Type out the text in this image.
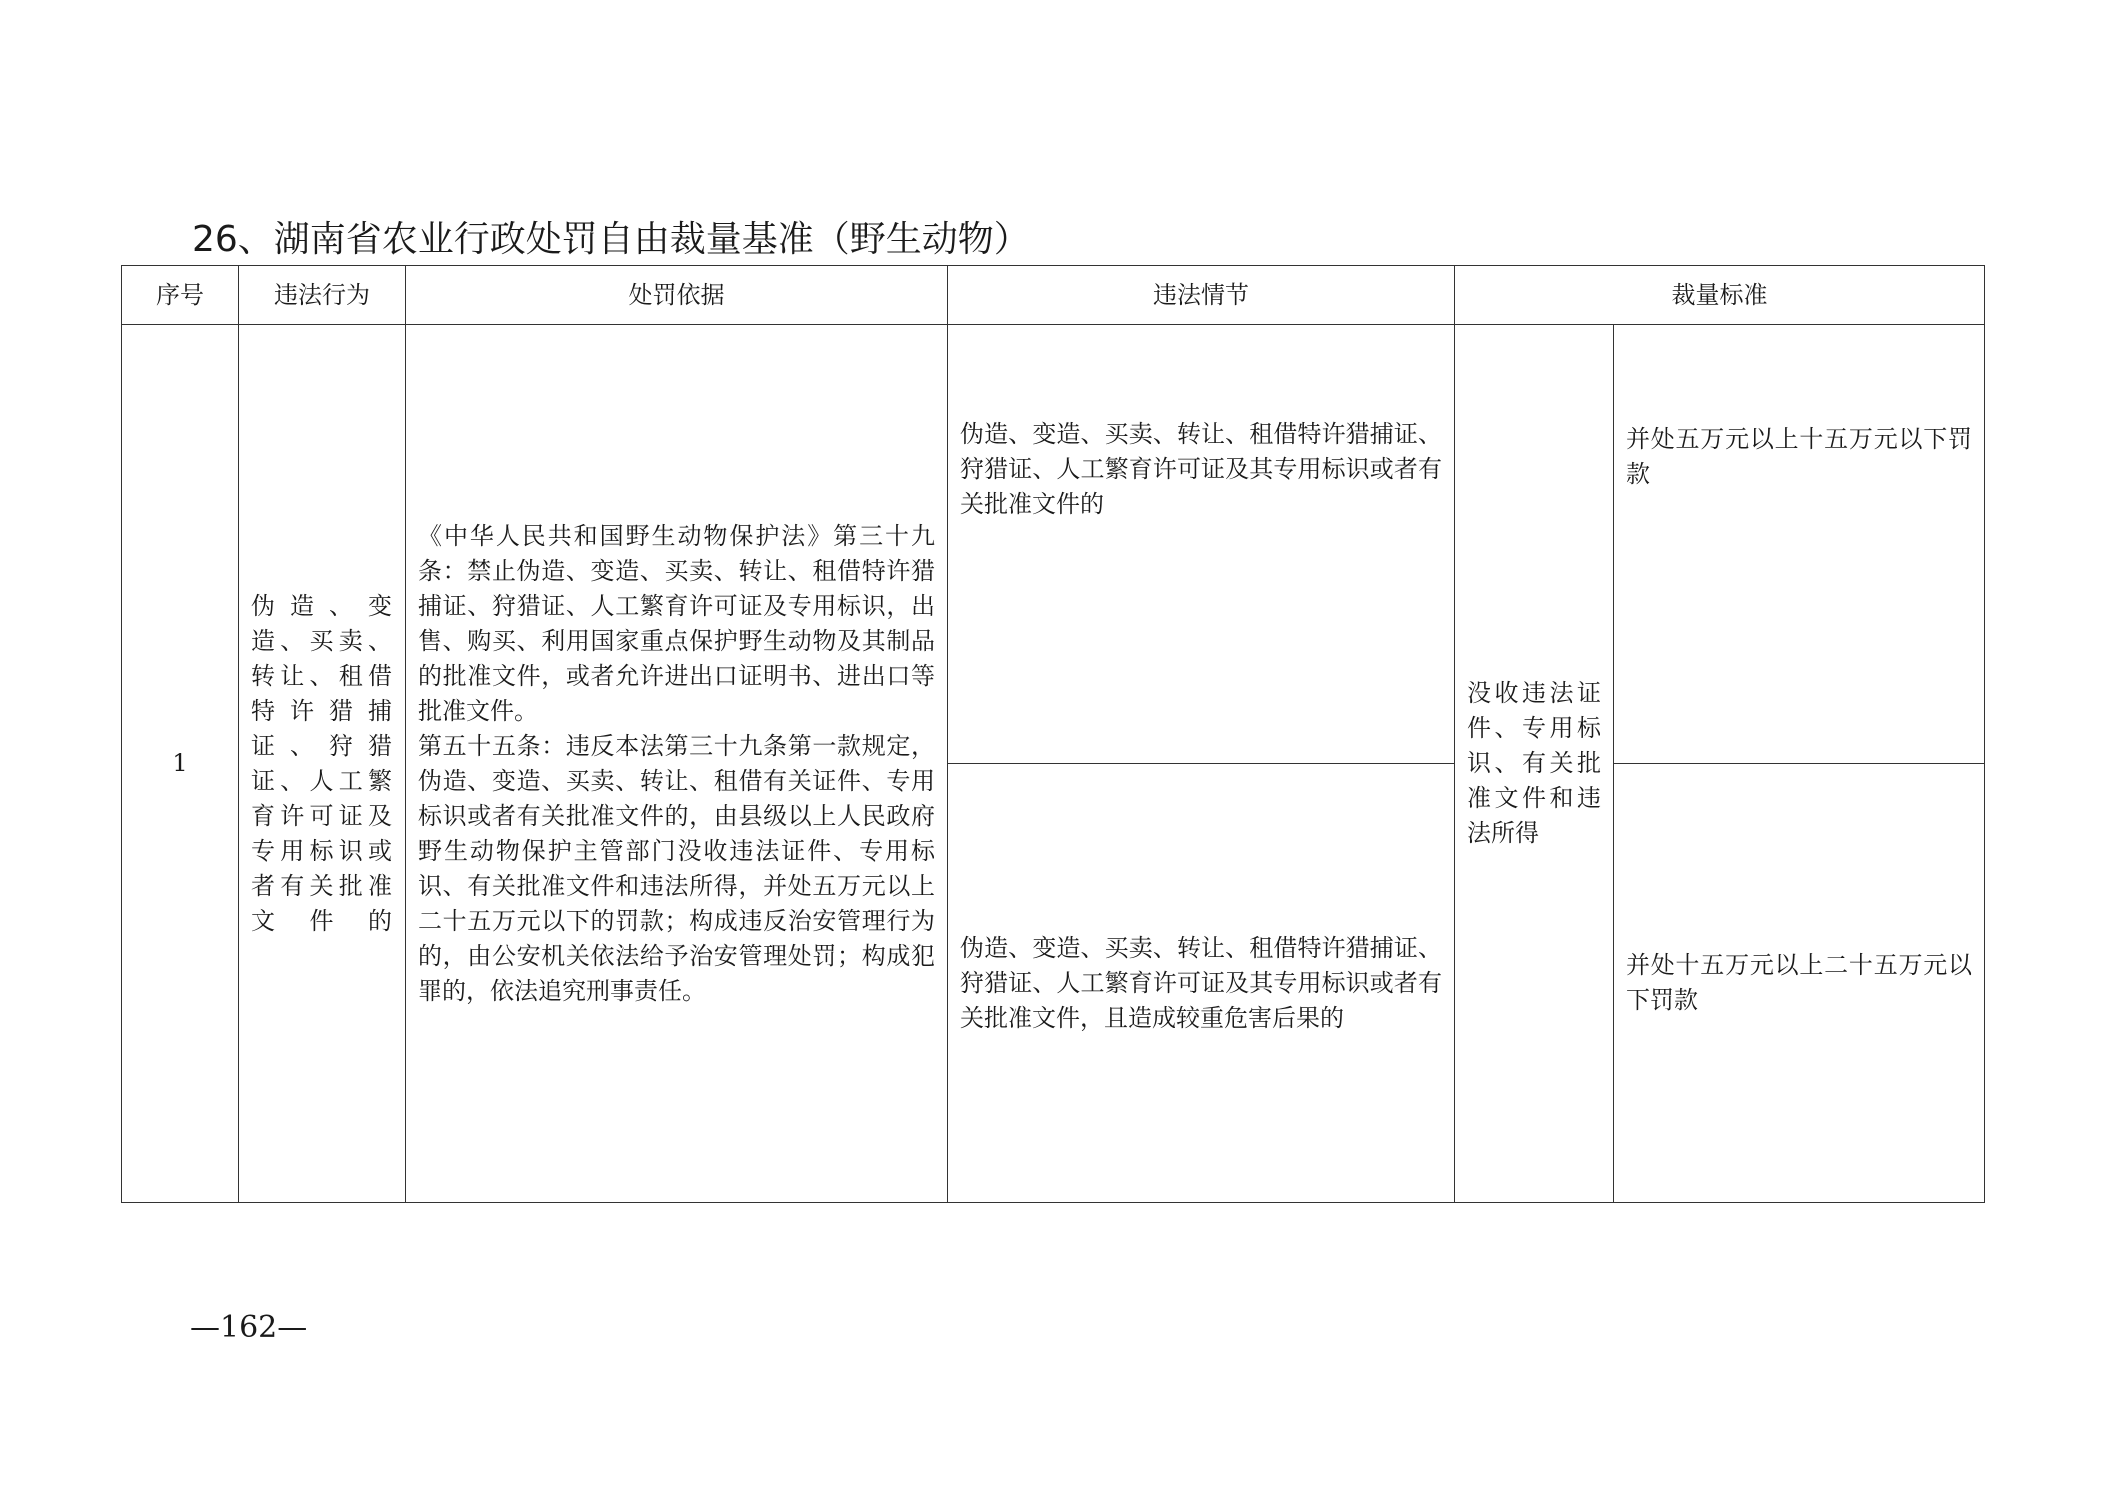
26、湖南省农业行政处罚自由裁量基准（野生动物）
序号	违法行为	处罚依据	违法情节	裁量标准	
1	伪造、变造、买卖、转让、租借特许猎捕证、狩猎证、人工繁育许可证及专用标识或者有关批准文件的	《中华人民共和国野生动物保护法》第三十九条：禁止伪造、变造、买卖、转让、租借特许猎捕证、狩猎证、人工繁育许可证及专用标识，出售、购买、利用国家重点保护野生动物及其制品的批准文件，或者允许进出口证明书、进出口等批准文件。
第五十五条：违反本法第三十九条第一款规定，伪造、变造、买卖、转让、租借有关证件、专用标识或者有关批准文件的，由县级以上人民政府野生动物保护主管部门没收违法证件、专用标识、有关批准文件和违法所得，并处五万元以上二十五万元以下的罚款；构成违反治安管理行为的，由公安机关依法给予治安管理处罚；构成犯罪的，依法追究刑事责任。	伪造、变造、买卖、转让、租借特许猎捕证、狩猎证、人工繁育许可证及其专用标识或者有关批准文件的	没收违法证件、专用标识、有关批准文件和违法所得	并处五万元以上十五万元以下罚款
			伪造、变造、买卖、转让、租借特许猎捕证、狩猎证、人工繁育许可证及其专用标识或者有关批准文件，且造成较重危害后果的		并处十五万元以上二十五万元以下罚款
—162—
